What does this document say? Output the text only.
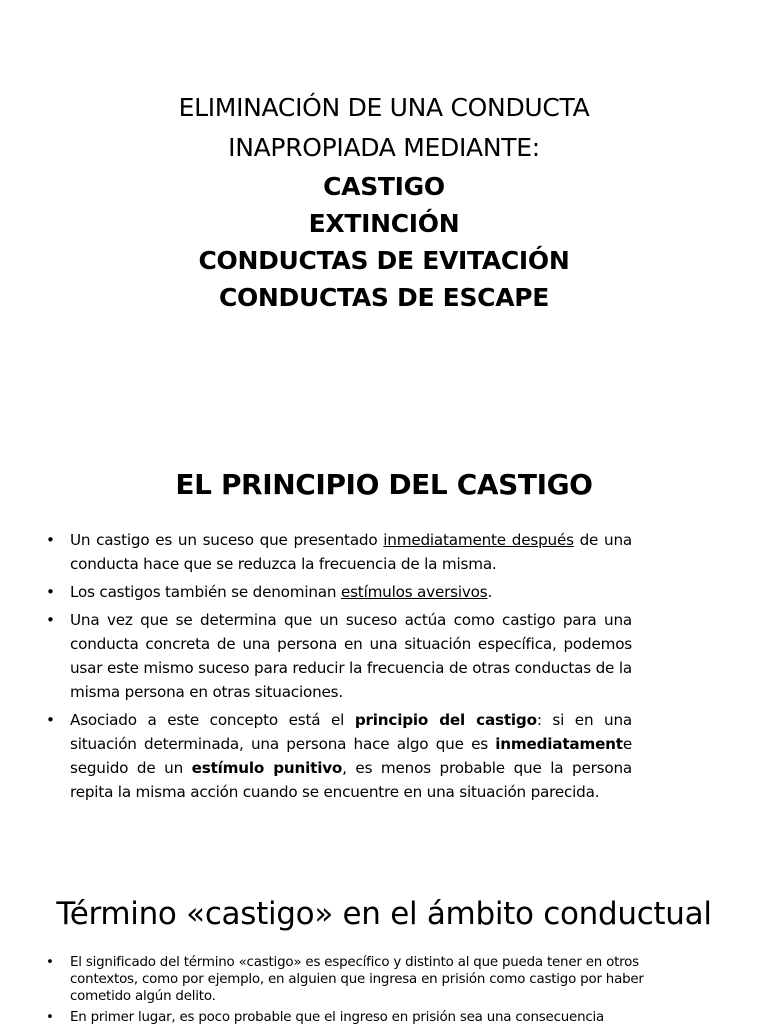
ELIMINACIÓN DE UNA CONDUCTA
INAPROPIADA MEDIANTE:
CASTIGO
EXTINCIÓN
CONDUCTAS DE EVITACIÓN
CONDUCTAS DE ESCAPE
EL PRINCIPIO DEL CASTIGO
• Un castigo es un suceso que presentado inmediatamente después de una conducta hace que se reduzca la frecuencia de la misma.
• Los castigos también se denominan estímulos aversivos.
• Una vez que se determina que un suceso actúa como castigo para una conducta concreta de una persona en una situación específica, podemos usar este mismo suceso para reducir la frecuencia de otras conductas de la misma persona en otras situaciones.
• Asociado a este concepto está el principio del castigo: si en una situación determinada, una persona hace algo que es inmediatamente seguido de un estímulo punitivo, es menos probable que la persona repita la misma acción cuando se encuentre en una situación parecida.
Término «castigo» en el ámbito conductual
• El significado del término «castigo» es específico y distinto al que pueda tener en otros contextos, como por ejemplo, en alguien que ingresa en prisión como castigo por haber cometido algún delito.
• En primer lugar, es poco probable que el ingreso en prisión sea una consecuencia
